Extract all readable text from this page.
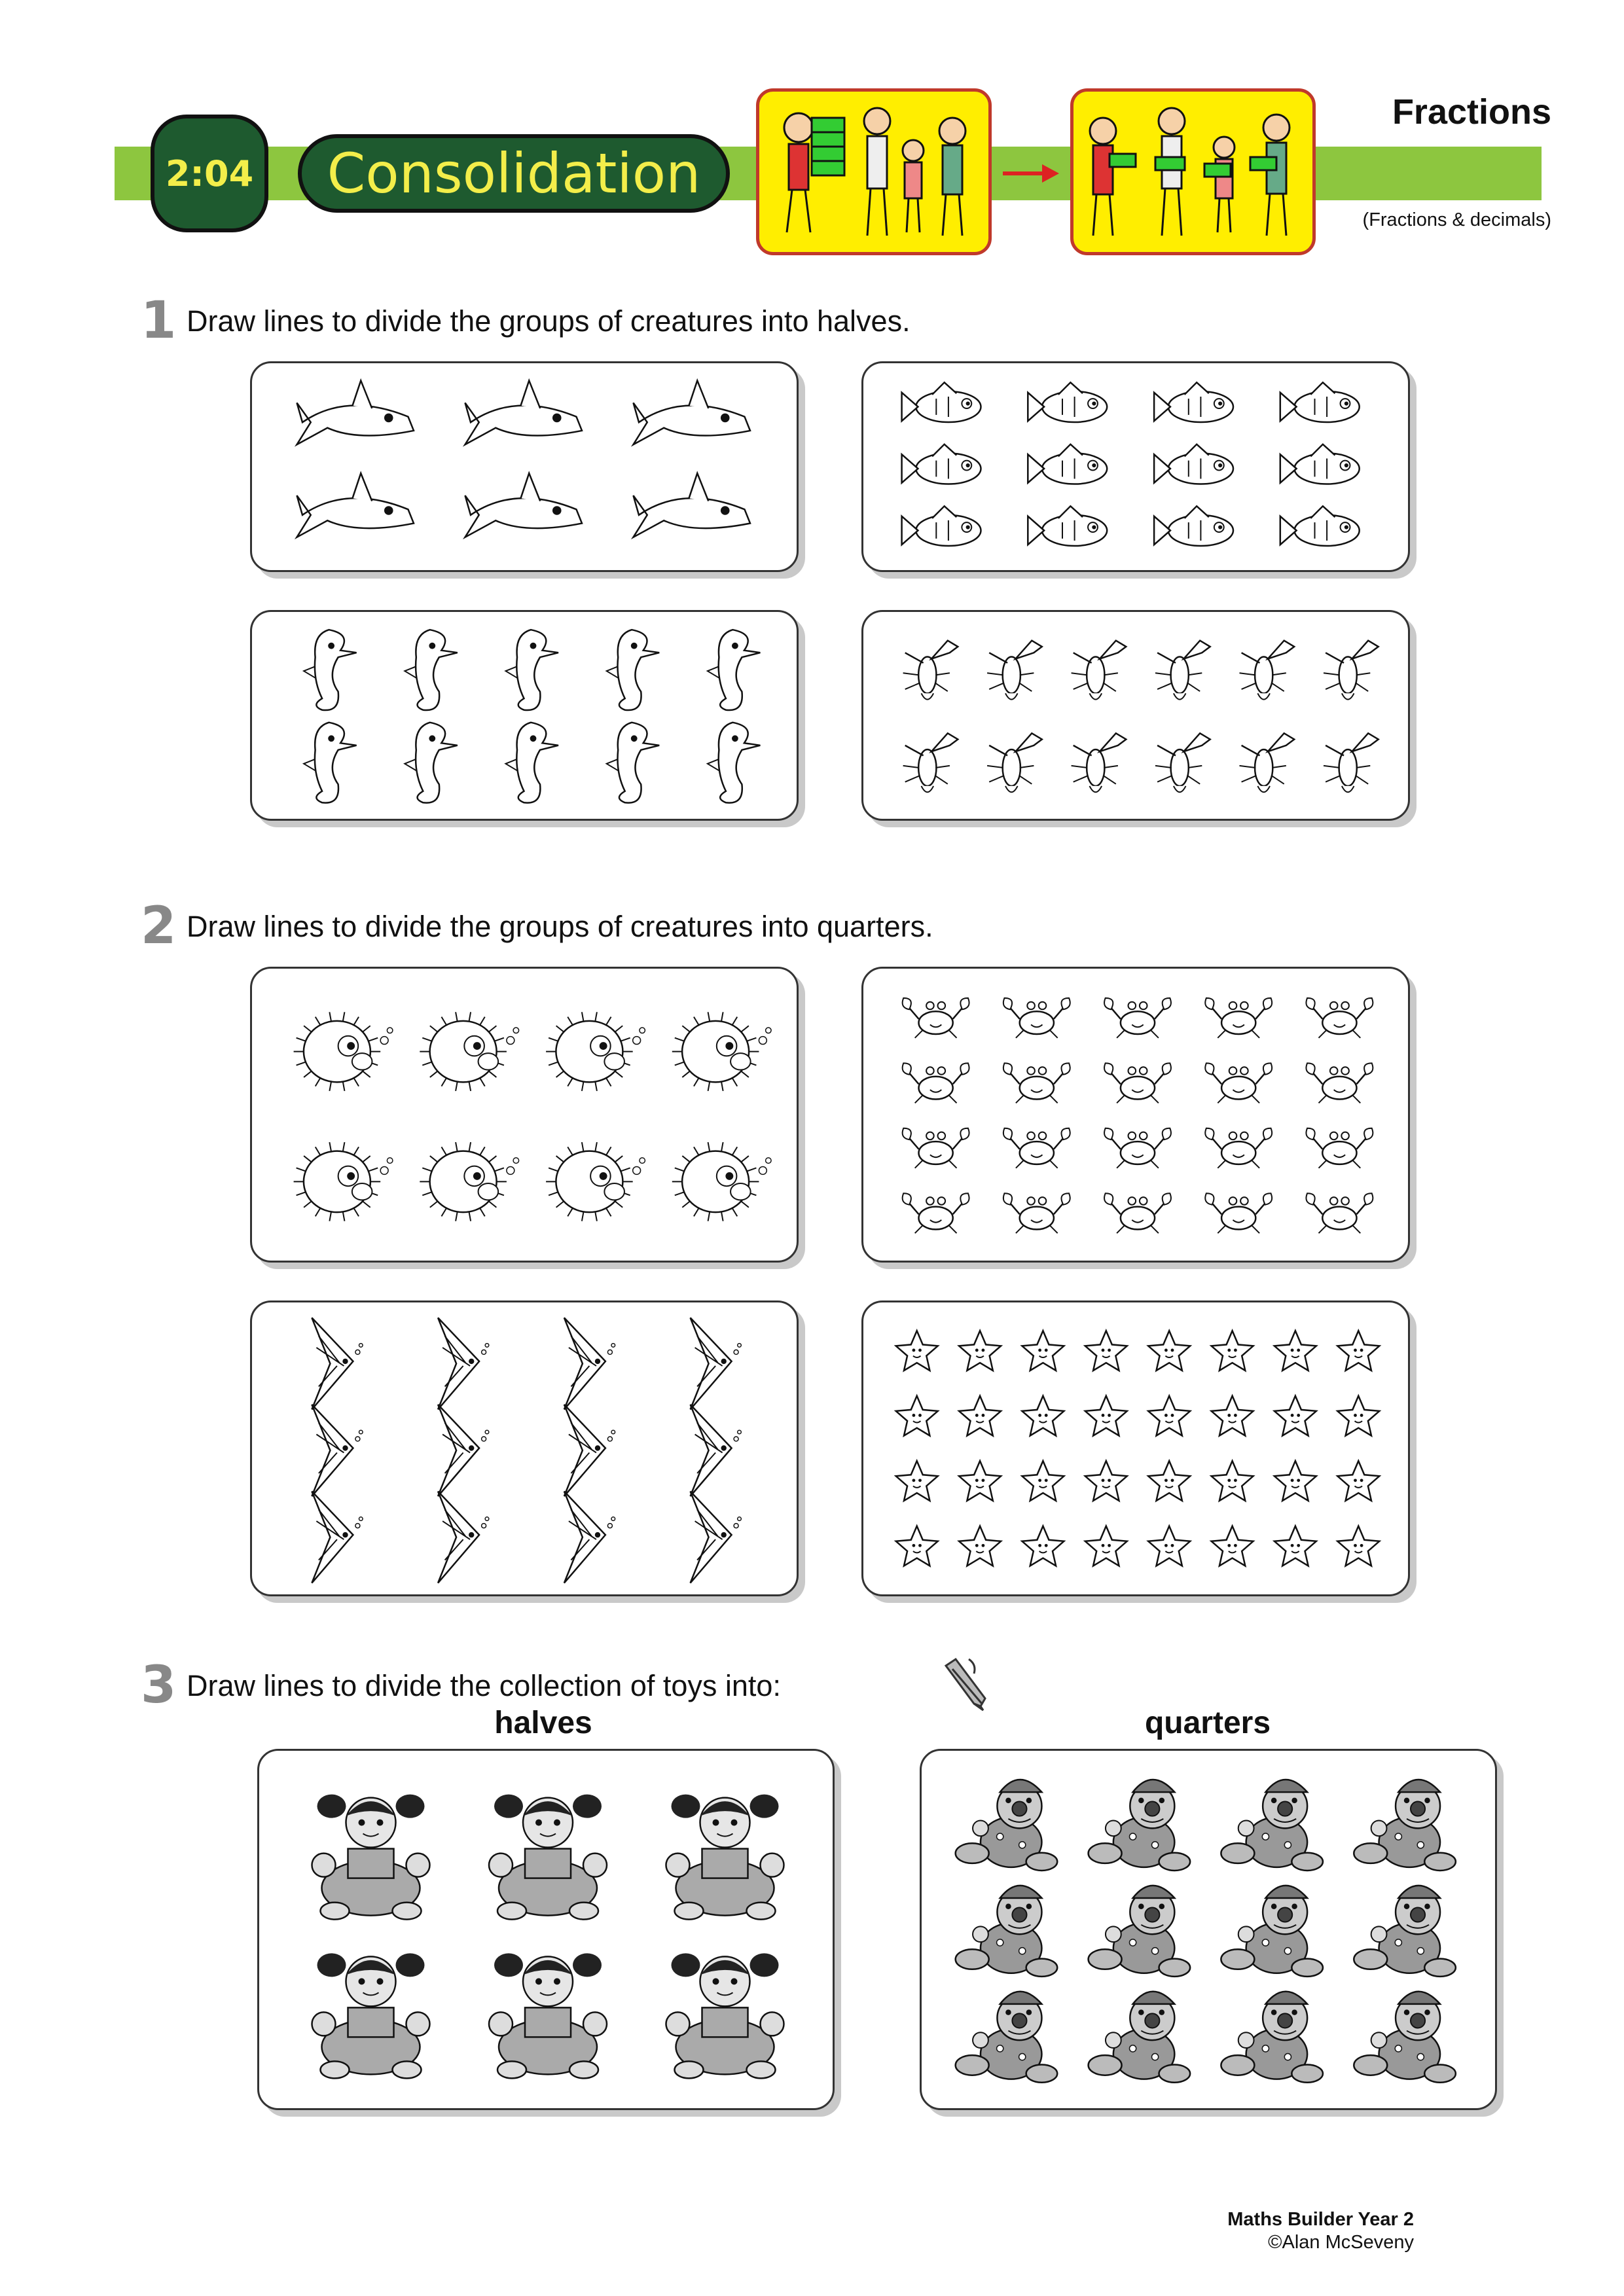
2:04	Consolidation
Fractions
(Fractions & decimals)
1 Draw lines to divide the groups of creatures into halves.
2 Draw lines to divide the groups of creatures into quarters.
3 Draw lines to divide the collection of toys into:
halves	quarters
Maths Builder Year 2
©Alan McSeveny
